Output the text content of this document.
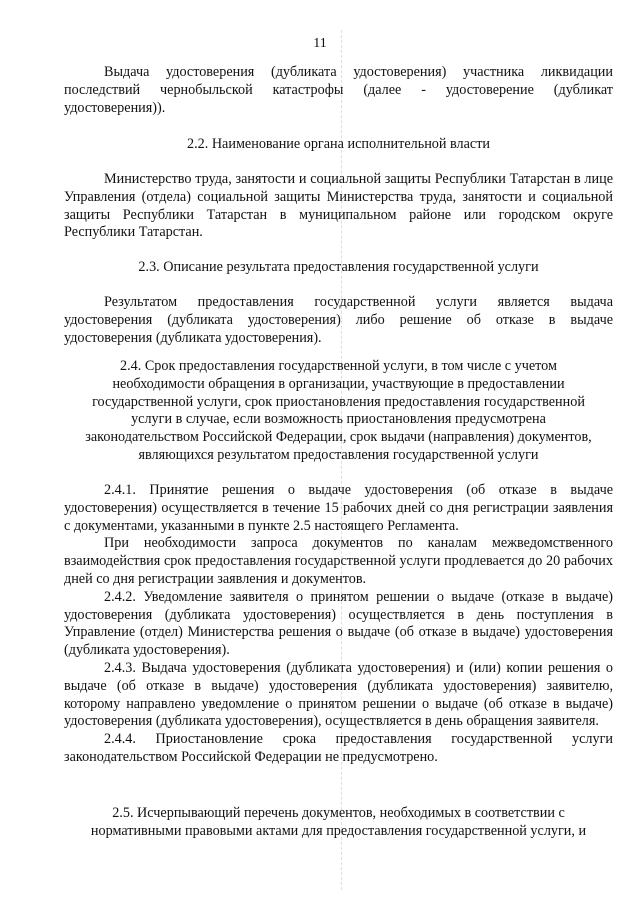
11

Выдача удостоверения (дубликата удостоверения) участника ликвидации последствий чернобыльской катастрофы (далее - удостоверение (дубликат удостоверения)).

2.2. Наименование органа исполнительной власти

Министерство труда, занятости и социальной защиты Республики Татарстан в лице Управления (отдела) социальной защиты Министерства труда, занятости и социальной защиты Республики Татарстан в муниципальном районе или городском округе Республики Татарстан.

2.3. Описание результата предоставления государственной услуги

Результатом предоставления государственной услуги является выдача удостоверения (дубликата удостоверения) либо решение об отказе в выдаче удостоверения (дубликата удостоверения).

2.4. Срок предоставления государственной услуги, в том числе с учетом
необходимости обращения в организации, участвующие в предоставлении
государственной услуги, срок приостановления предоставления государственной
услуги в случае, если возможность приостановления предусмотрена
законодательством Российской Федерации, срок выдачи (направления) документов,
являющихся результатом предоставления государственной услуги

2.4.1. Принятие решения о выдаче удостоверения (об отказе в выдаче удостоверения) осуществляется в течение 15 рабочих дней со дня регистрации заявления с документами, указанными в пункте 2.5 настоящего Регламента.

При необходимости запроса документов по каналам межведомственного взаимодействия срок предоставления государственной услуги продлевается до 20 рабочих дней со дня регистрации заявления и документов.

2.4.2. Уведомление заявителя о принятом решении о выдаче (отказе в выдаче) удостоверения (дубликата удостоверения) осуществляется в день поступления в Управление (отдел) Министерства решения о выдаче (об отказе в выдаче) удостоверения (дубликата удостоверения).

2.4.3. Выдача удостоверения (дубликата удостоверения) и (или) копии решения о выдаче (об отказе в выдаче) удостоверения (дубликата удостоверения) заявителю, которому направлено уведомление о принятом решении о выдаче (об отказе в выдаче) удостоверения (дубликата удостоверения), осуществляется в день обращения заявителя.

2.4.4. Приостановление срока предоставления государственной услуги законодательством Российской Федерации не предусмотрено.

2.5. Исчерпывающий перечень документов, необходимых в соответствии с
нормативными правовыми актами для предоставления государственной услуги, и
